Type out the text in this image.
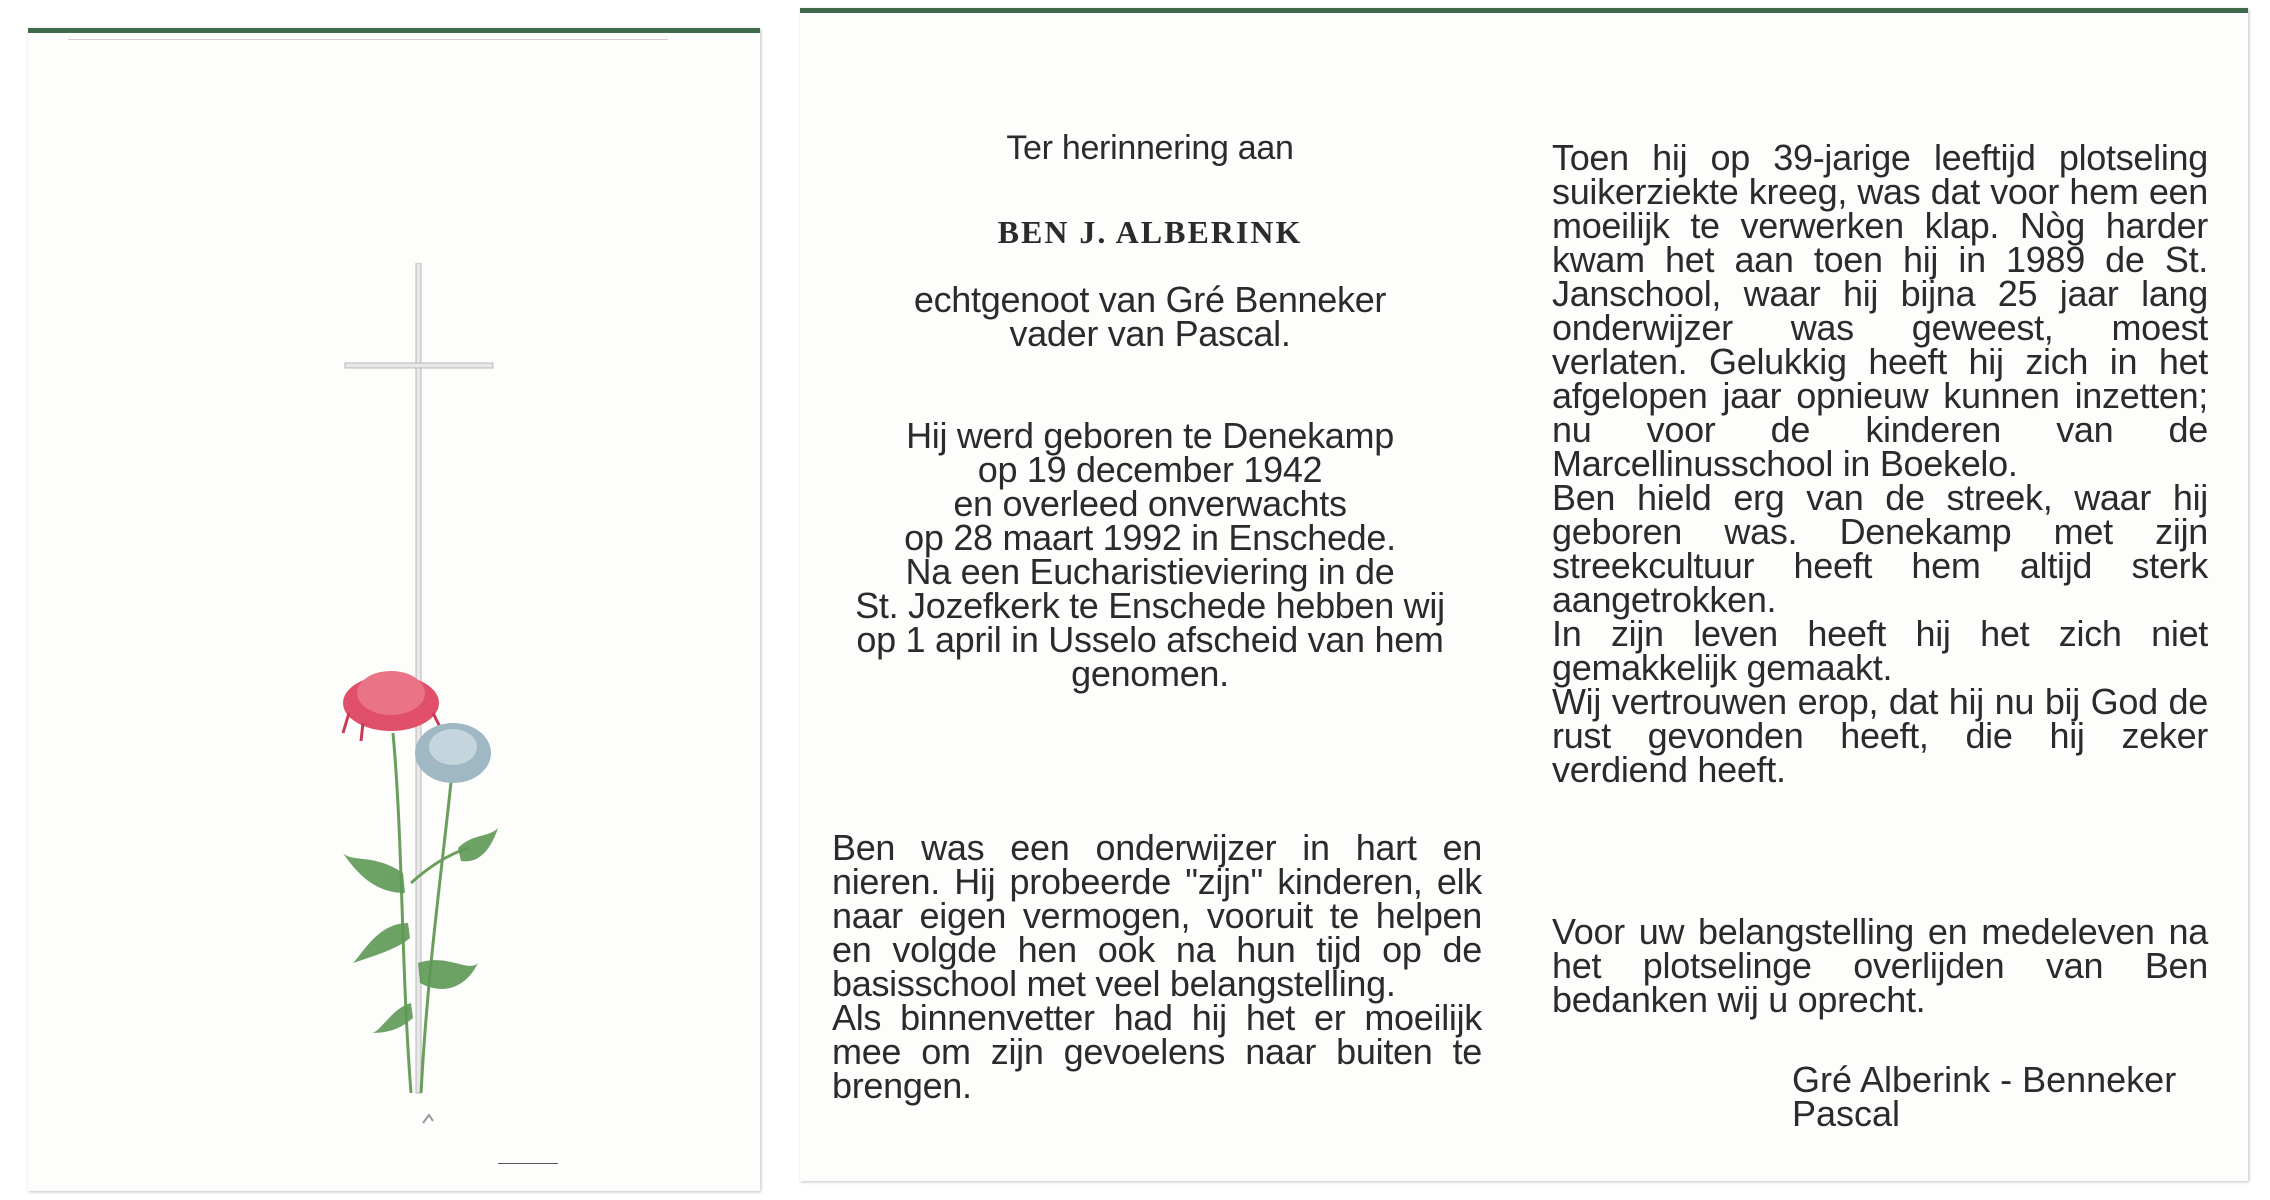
Ter herinnering aan
BEN J. ALBERINK
echtgenoot van Gré Benneker
vader van Pascal.
Hij werd geboren te Denekamp
op 19 december 1942
en overleed onverwachts
op 28 maart 1992 in Enschede.
Na een Eucharistieviering in de
St. Jozefkerk te Enschede hebben wij
op 1 april in Usselo afscheid van hem
genomen.
Ben was een onderwijzer in hart en nieren. Hij probeerde "zijn" kinderen, elk naar eigen vermogen, vooruit te helpen en volgde hen ook na hun tijd op de basisschool met veel belangstelling.
Als binnenvetter had hij het er moeilijk mee om zijn gevoelens naar buiten te brengen.
Toen hij op 39-jarige leeftijd plotseling suikerziekte kreeg, was dat voor hem een moeilijk te verwerken klap. Nòg harder kwam het aan toen hij in 1989 de St. Janschool, waar hij bijna 25 jaar lang onderwijzer was geweest, moest verlaten. Gelukkig heeft hij zich in het afgelopen jaar opnieuw kunnen inzetten; nu voor de kinderen van de Marcellinusschool in Boekelo.
Ben hield erg van de streek, waar hij geboren was. Denekamp met zijn streekcultuur heeft hem altijd sterk aangetrokken.
In zijn leven heeft hij het zich niet gemakkelijk gemaakt.
Wij vertrouwen erop, dat hij nu bij God de rust gevonden heeft, die hij zeker verdiend heeft.
Voor uw belangstelling en medeleven na het plotselinge overlijden van Ben bedanken wij u oprecht.
Gré Alberink - Benneker
Pascal
